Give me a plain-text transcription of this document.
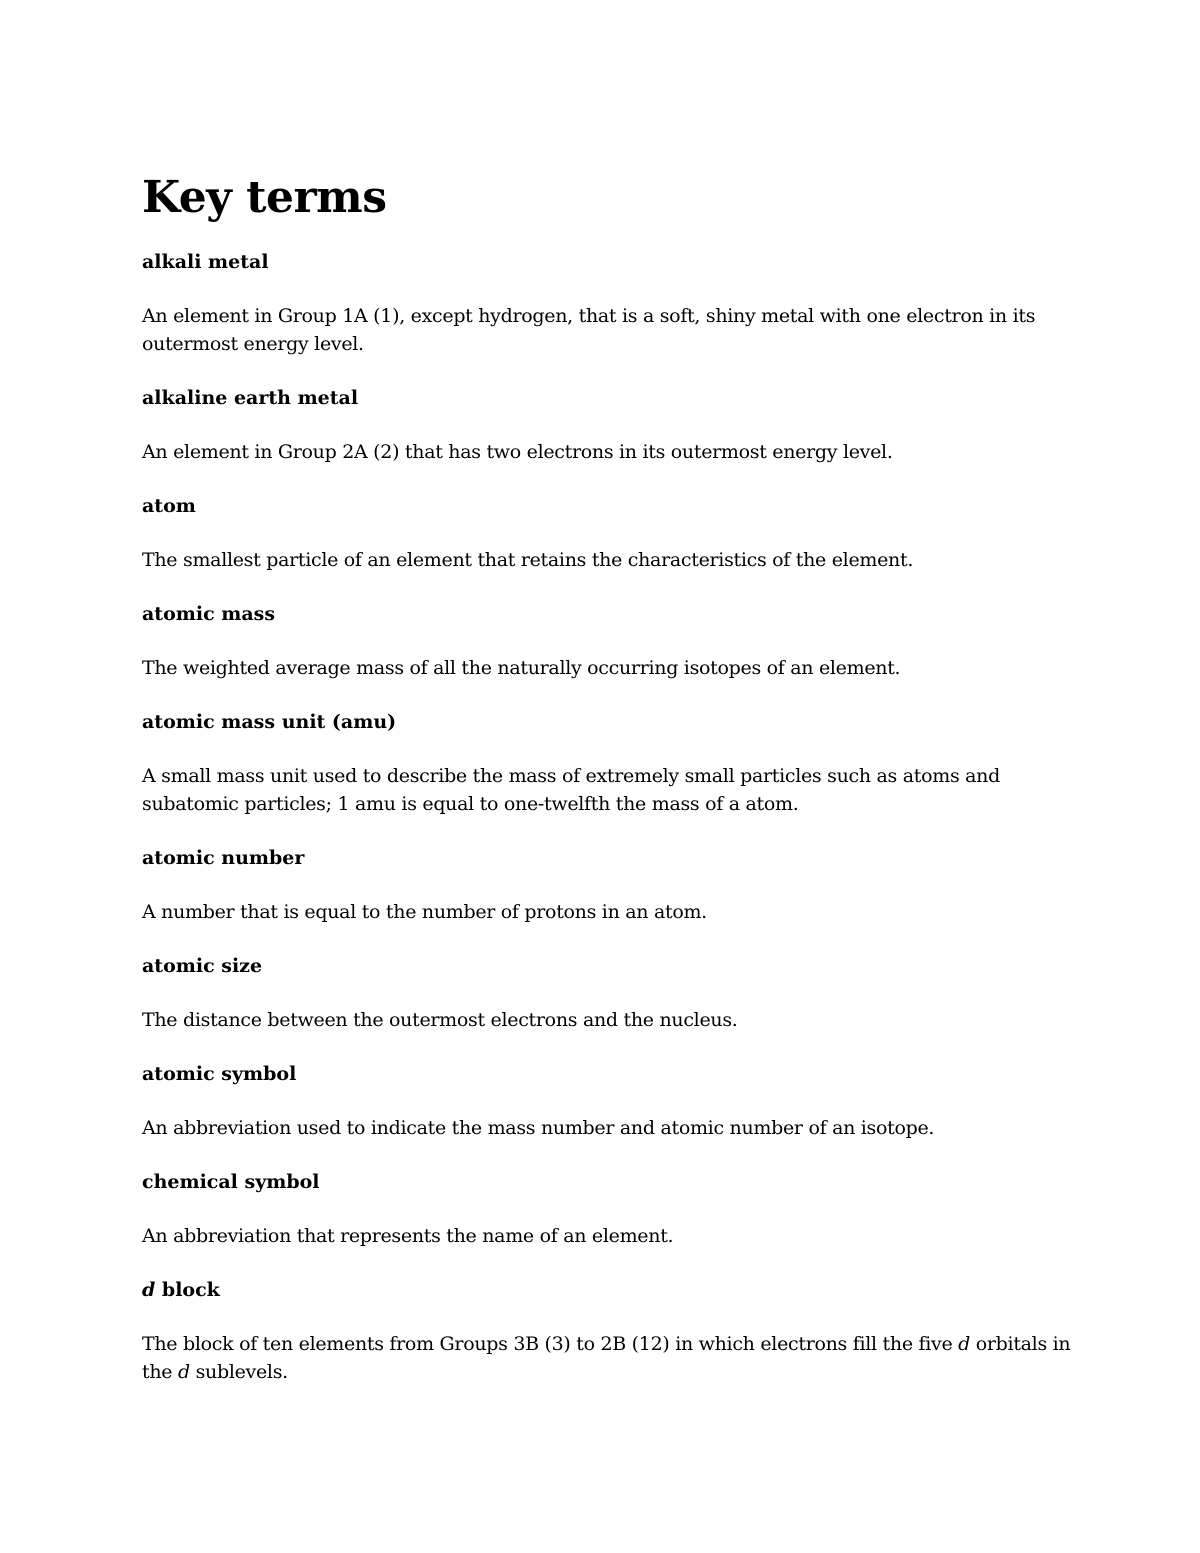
Key terms

alkali metal

An element in Group 1A (1), except hydrogen, that is a soft, shiny metal with one electron in its outermost energy level.

alkaline earth metal

An element in Group 2A (2) that has two electrons in its outermost energy level.

atom

The smallest particle of an element that retains the characteristics of the element.

atomic mass

The weighted average mass of all the naturally occurring isotopes of an element.

atomic mass unit (amu)

A small mass unit used to describe the mass of extremely small particles such as atoms and subatomic particles; 1 amu is equal to one-twelfth the mass of a atom.

atomic number

A number that is equal to the number of protons in an atom.

atomic size

The distance between the outermost electrons and the nucleus.

atomic symbol

An abbreviation used to indicate the mass number and atomic number of an isotope.

chemical symbol

An abbreviation that represents the name of an element.

d block

The block of ten elements from Groups 3B (3) to 2B (12) in which electrons fill the five d orbitals in the d sublevels.
